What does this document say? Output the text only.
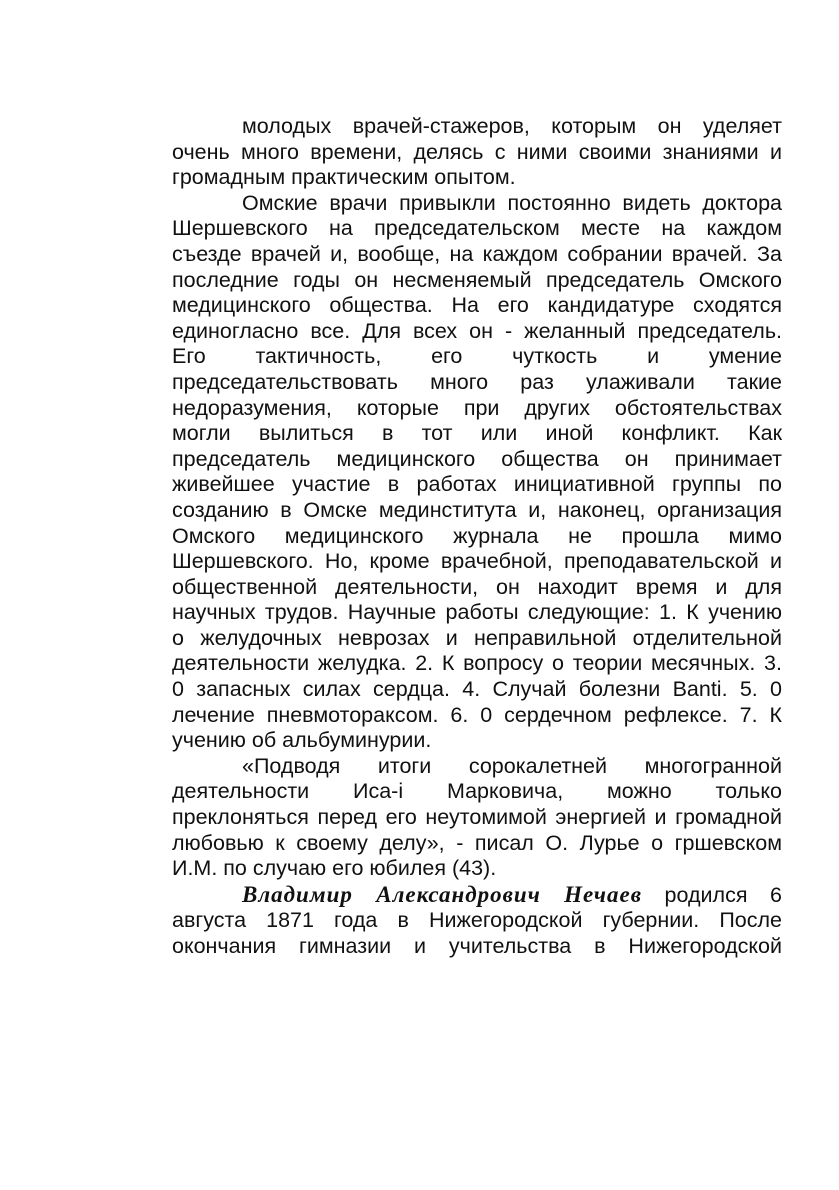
молодых врачей-стажеров, которым он уделяет
очень много времени, делясь с ними своими знаниями и
громадным практическим опытом.
Омские врачи привыкли постоянно видеть доктора
Шершевского на председательском месте на каждом
съезде врачей и, вообще, на каждом собрании врачей. За
последние годы он несменяемый председатель Омского
медицинского общества. На его кандидатуре сходятся
единогласно все. Для всех он - желанный председатель.
Его тактичность, его чуткость и умение
председательствовать много раз улаживали такие
недоразумения, которые при других обстоятельствах
могли вылиться в тот или иной конфликт. Как
председатель медицинского общества он принимает
живейшее участие в работах инициативной группы по
созданию в Омске мединститута и, наконец, организация
Омского медицинского журнала не прошла мимо
Шершевского. Но, кроме врачебной, преподавательской и
общественной деятельности, он находит время и для
научных трудов. Научные работы следующие: 1. К учению
о желудочных неврозах и неправильной отделительной
деятельности желудка. 2. К вопросу о теории месячных. 3.
0 запасных силах сердца. 4. Случай болезни Banti. 5. 0
лечение пневмотораксом. 6. 0 сердечном рефлексе. 7. К
учению об альбуминурии.
«Подводя итоги сорокалетней многогранной
деятельности Иса-і Марковича, можно только
преклоняться перед его неутомимой энергией и громадной
любовью к своему делу», - писал О. Лурье о гршевском
И.М. по случаю его юбилея (43).
Владимир Александрович Нечаев родился 6
августа 1871 года в Нижегородской губернии. После
окончания гимназии и учительства в Нижегородской
